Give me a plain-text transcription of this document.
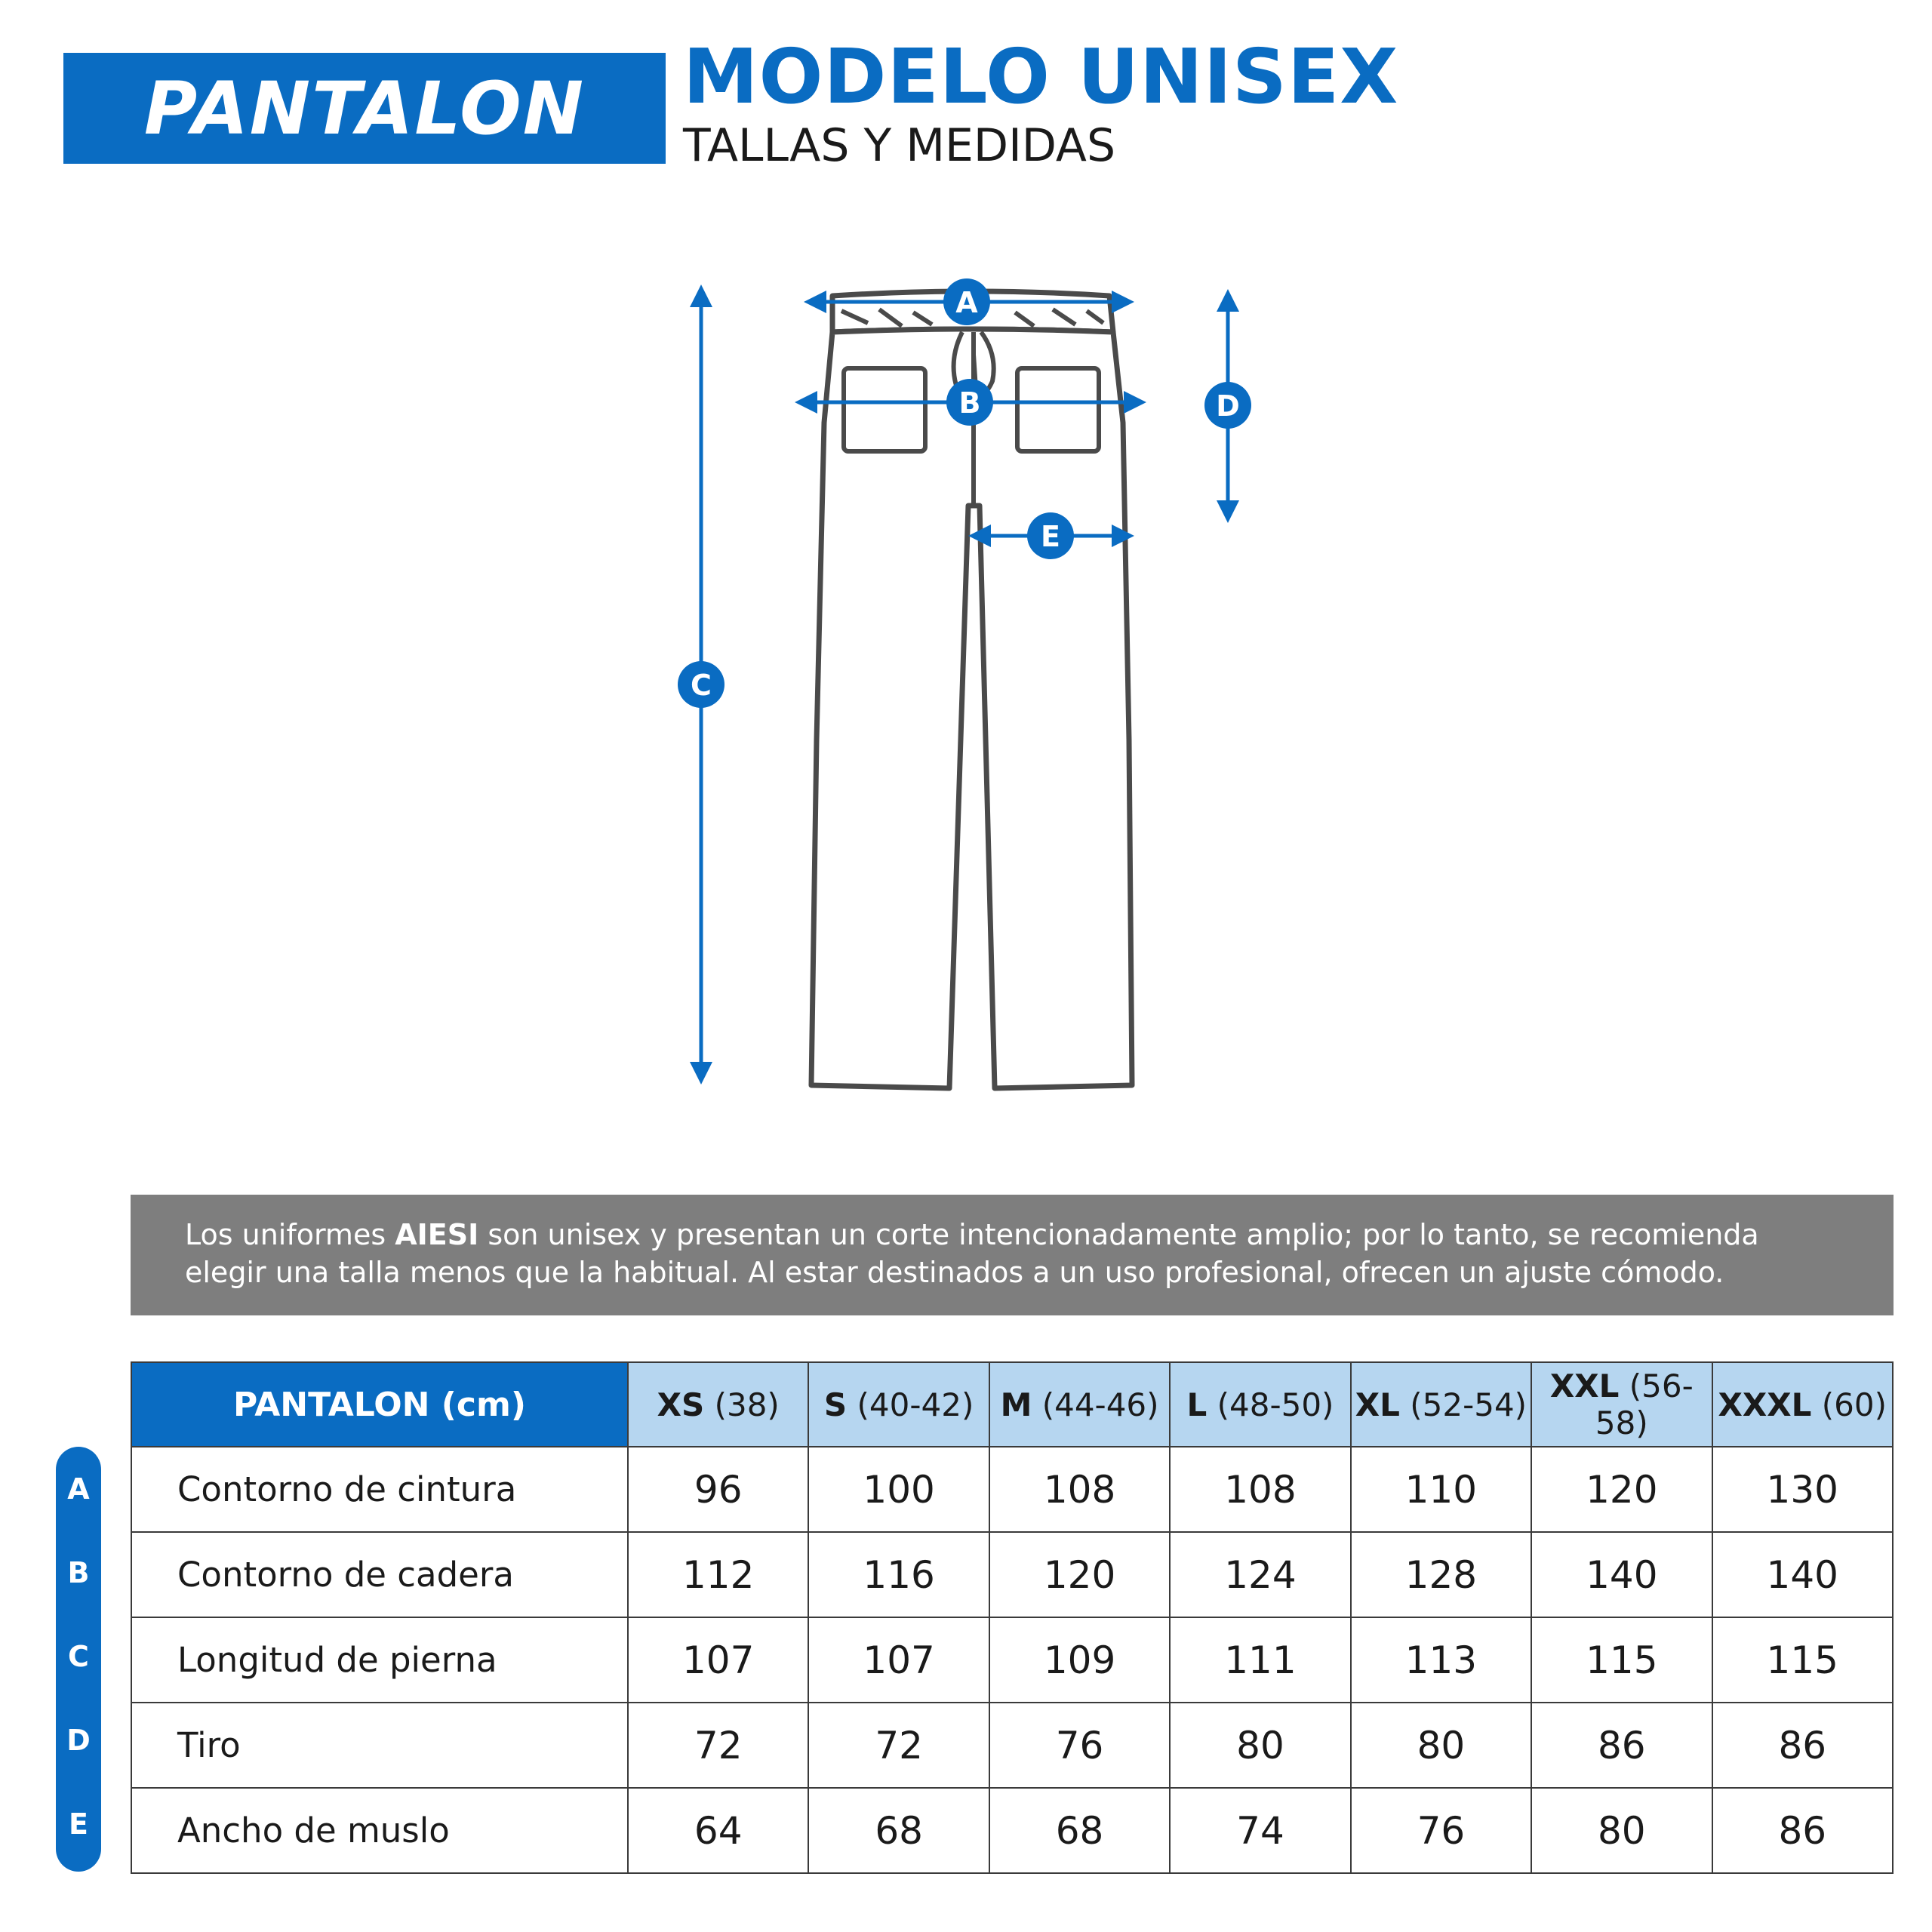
PANTALON MODELO UNISEX
TALLAS Y MEDIDAS
A
B
C
D
E
Los uniformes AIESI son unisex y presentan un corte intencionadamente amplio; por lo tanto, se recomienda elegir una talla menos que la habitual. Al estar destinados a un uso profesional, ofrecen un ajuste cómodo.
A
B
C
D
E
PANTALON (cm)	XS (38)	S (40-42)	M (44-46)	L (48-50)	XL (52-54)	XXL (56-58)	XXXL (60)
Contorno de cintura	96	100	108	108	110	120	130
Contorno de cadera	112	116	120	124	128	140	140
Longitud de pierna	107	107	109	111	113	115	115
Tiro	72	72	76	80	80	86	86
Ancho de muslo	64	68	68	74	76	80	86
